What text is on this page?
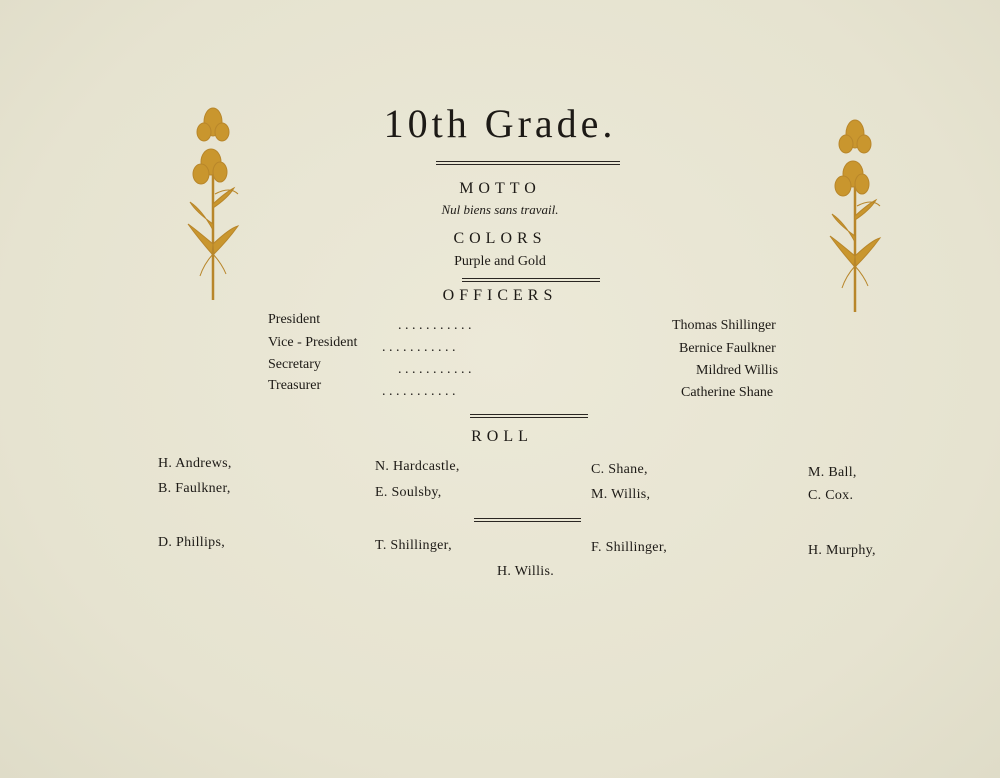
10th Grade.
MOTTO
Nul biens sans travail.
COLORS
Purple and Gold
OFFICERS
President	. . . . . . . . . . .	Thomas Shillinger
Vice - President . . . . . . . . . . .	Bernice Faulkner
Secretary	. . . . . . . . . . .	Mildred Willis
Treasurer	. . . . . . . . . . .	Catherine Shane
ROLL
H. Andrews,	N. Hardcastle,	C. Shane,	M. Ball,
B. Faulkner,	E. Soulsby,	M. Willis,	C. Cox.
D. Phillips,	T. Shillinger,	F. Shillinger,	H. Murphy,
H. Willis.
